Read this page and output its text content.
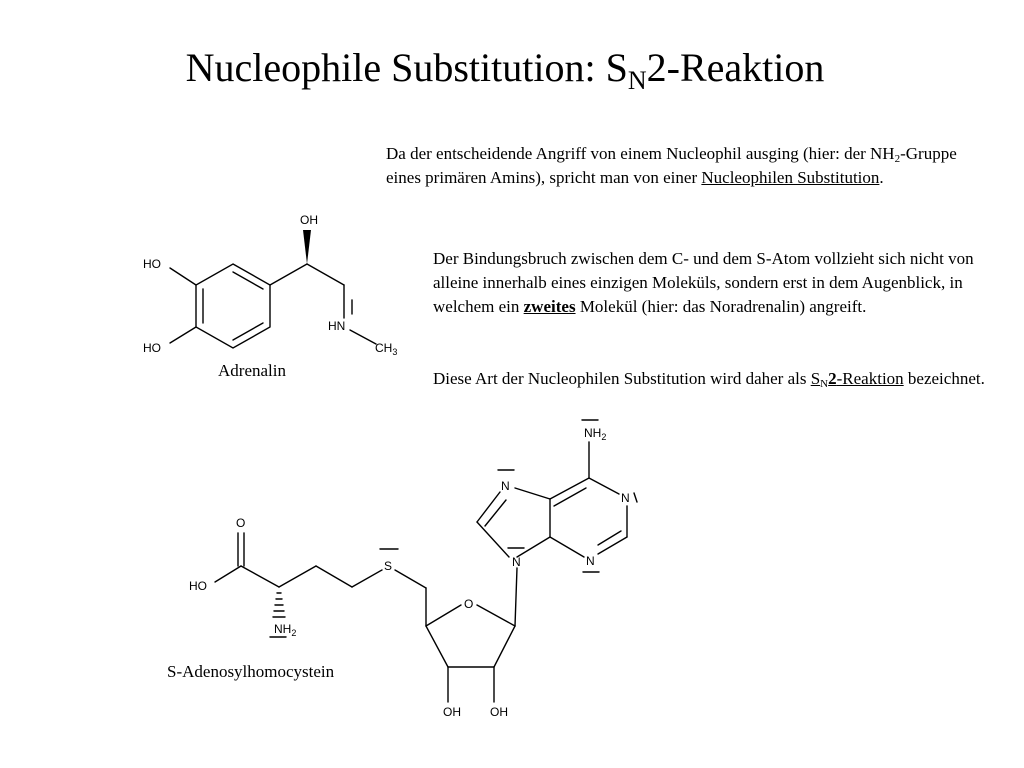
Nucleophile Substitution: $S_N2$-Reaktion
Da der entscheidende Angriff von einem Nucleophil ausging (hier: der $NH_2$-Gruppe eines primären Amins), spricht man von einer Nucleophilen Substitution.
Der Bindungsbruch zwischen dem C- und dem S-Atom vollzieht sich nicht von alleine innerhalb eines einzigen Moleküls, sondern erst in dem Augenblick, in welchem ein zweites Molekül (hier: das Noradrenalin) angreift.
Diese Art der Nucleophilen Substitution wird daher als $S_N2$-Reaktion bezeichnet.
Adrenalin
S-Adenosylhomocystein
OH
HO
HO
HN
$CH_3$
O
HO
$NH_2$
S
O
OH OH
N
N
N
N
$NH_2$
